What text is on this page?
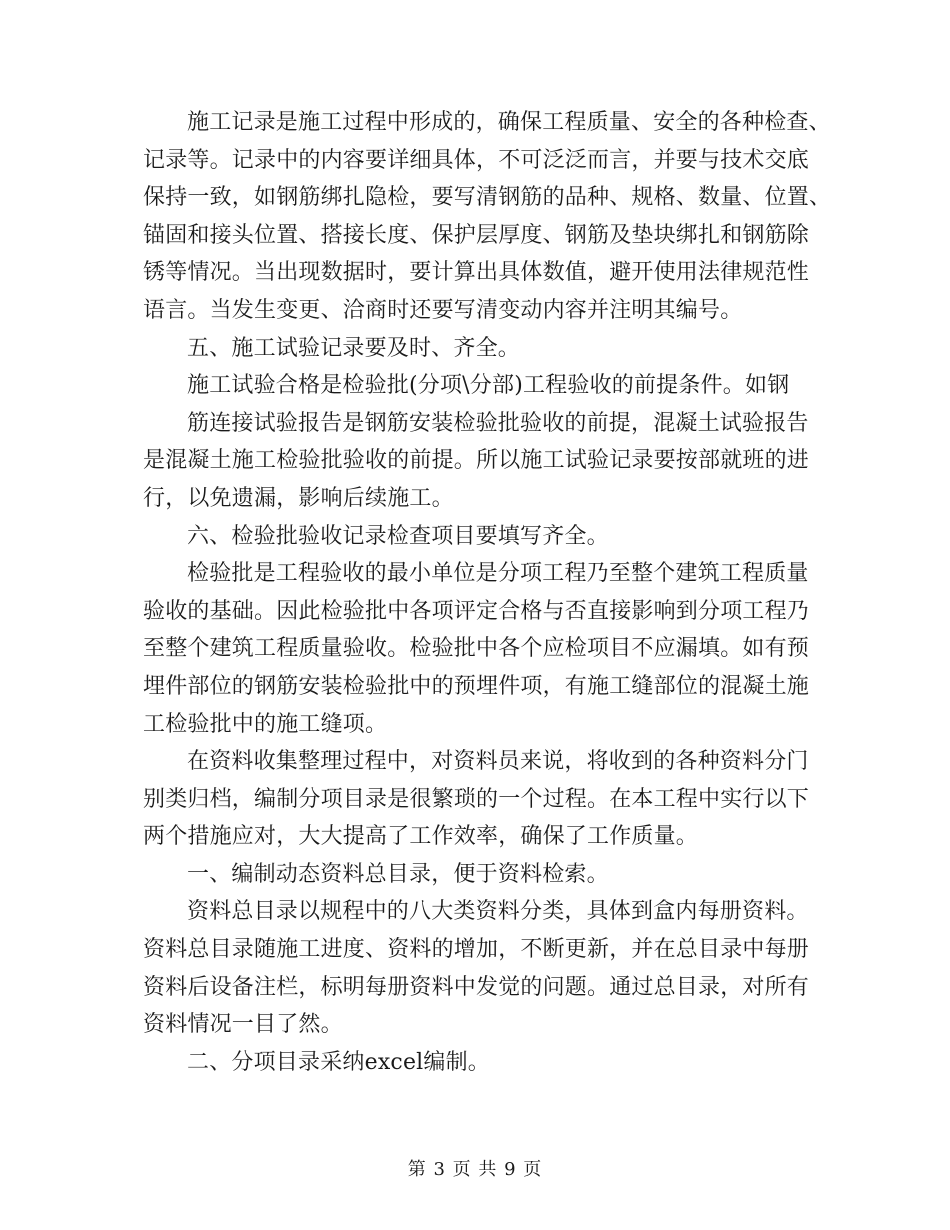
施工记录是施工过程中形成的，确保工程质量、安全的各种检查、
记录等。记录中的内容要详细具体，不可泛泛而言，并要与技术交底
保持一致，如钢筋绑扎隐检，要写清钢筋的品种、规格、数量、位置、
锚固和接头位置、搭接长度、保护层厚度、钢筋及垫块绑扎和钢筋除
锈等情况。当出现数据时，要计算出具体数值，避开使用法律规范性
语言。当发生变更、洽商时还要写清变动内容并注明其编号。
五、施工试验记录要及时、齐全。
施工试验合格是检验批(分项\分部)工程验收的前提条件。如钢
筋连接试验报告是钢筋安装检验批验收的前提，混凝土试验报告
是混凝土施工检验批验收的前提。所以施工试验记录要按部就班的进
行，以免遗漏，影响后续施工。
六、检验批验收记录检查项目要填写齐全。
检验批是工程验收的最小单位是分项工程乃至整个建筑工程质量
验收的基础。因此检验批中各项评定合格与否直接影响到分项工程乃
至整个建筑工程质量验收。检验批中各个应检项目不应漏填。如有预
埋件部位的钢筋安装检验批中的预埋件项，有施工缝部位的混凝土施
工检验批中的施工缝项。
在资料收集整理过程中，对资料员来说，将收到的各种资料分门
别类归档，编制分项目录是很繁琐的一个过程。在本工程中实行以下
两个措施应对，大大提高了工作效率，确保了工作质量。
一、编制动态资料总目录，便于资料检索。
资料总目录以规程中的八大类资料分类，具体到盒内每册资料。
资料总目录随施工进度、资料的增加，不断更新，并在总目录中每册
资料后设备注栏，标明每册资料中发觉的问题。通过总目录，对所有
资料情况一目了然。
二、分项目录采纳excel编制。
第 3 页 共 9 页
